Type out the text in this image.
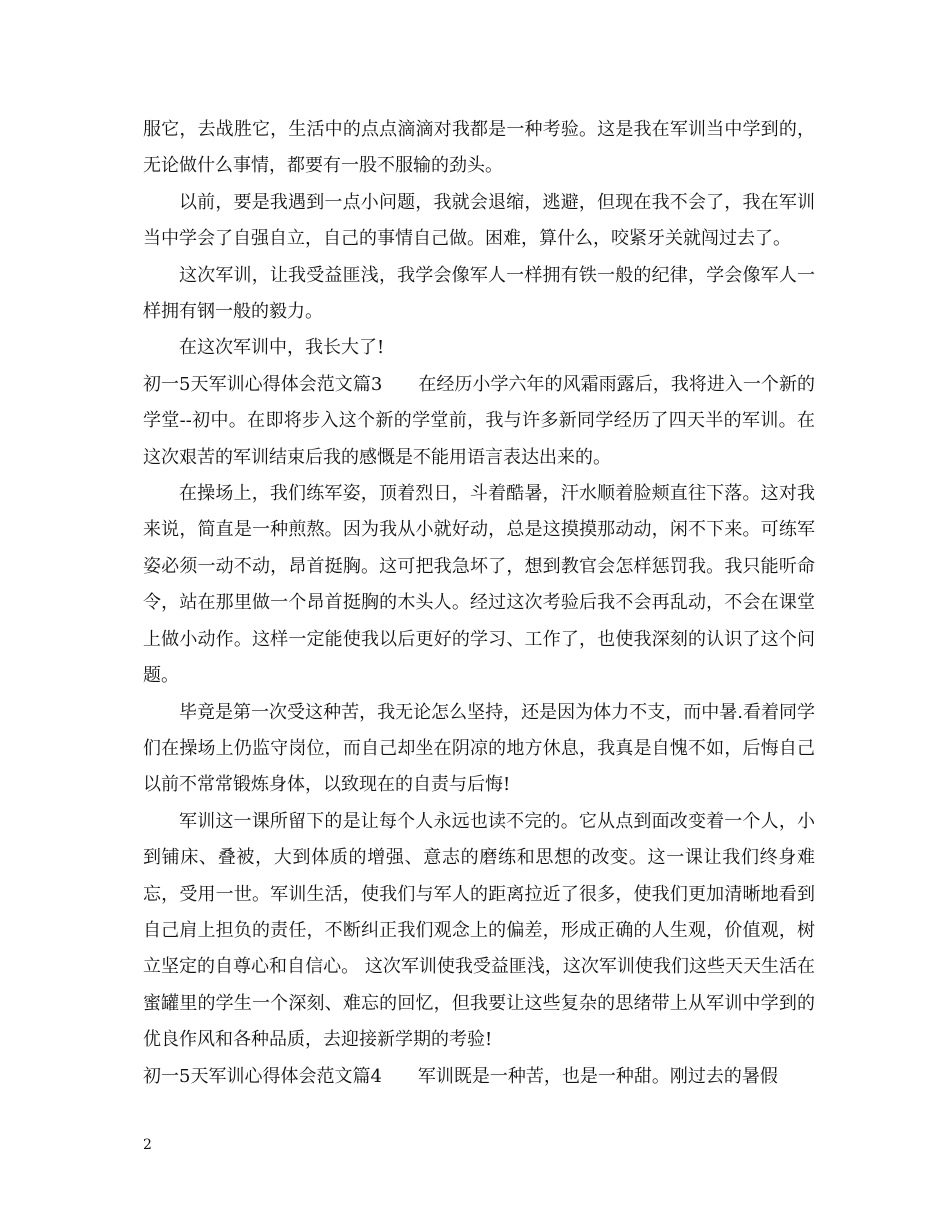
服它，去战胜它，生活中的点点滴滴对我都是一种考验。这是我在军训当中学到的，无论做什么事情，都要有一股不服输的劲头。

以前，要是我遇到一点小问题，我就会退缩，逃避，但现在我不会了，我在军训当中学会了自强自立，自己的事情自己做。困难，算什么，咬紧牙关就闯过去了。

这次军训，让我受益匪浅，我学会像军人一样拥有铁一般的纪律，学会像军人一样拥有钢一般的毅力。

在这次军训中，我长大了!

初一5天军训心得体会范文篇3 在经历小学六年的风霜雨露后，我将进入一个新的学堂--初中。在即将步入这个新的学堂前，我与许多新同学经历了四天半的军训。在这次艰苦的军训结束后我的感慨是不能用语言表达出来的。

在操场上，我们练军姿，顶着烈日，斗着酷暑，汗水顺着脸颊直往下落。这对我来说，简直是一种煎熬。因为我从小就好动，总是这摸摸那动动，闲不下来。可练军姿必须一动不动，昂首挺胸。这可把我急坏了，想到教官会怎样惩罚我。我只能听命令，站在那里做一个昂首挺胸的木头人。经过这次考验后我不会再乱动，不会在课堂上做小动作。这样一定能使我以后更好的学习、工作了，也使我深刻的认识了这个问题。

毕竟是第一次受这种苦，我无论怎么坚持，还是因为体力不支，而中暑.看着同学们在操场上仍监守岗位，而自己却坐在阴凉的地方休息，我真是自愧不如，后悔自己以前不常常锻炼身体，以致现在的自责与后悔!

军训这一课所留下的是让每个人永远也读不完的。它从点到面改变着一个人，小到铺床、叠被，大到体质的增强、意志的磨练和思想的改变。这一课让我们终身难忘，受用一世。军训生活，使我们与军人的距离拉近了很多，使我们更加清晰地看到自己肩上担负的责任，不断纠正我们观念上的偏差，形成正确的人生观，价值观，树立坚定的自尊心和自信心。 这次军训使我受益匪浅，这次军训使我们这些天天生活在蜜罐里的学生一个深刻、难忘的回忆，但我要让这些复杂的思绪带上从军训中学到的优良作风和各种品质，去迎接新学期的考验!

初一5天军训心得体会范文篇4 军训既是一种苦，也是一种甜。刚过去的暑假

2
